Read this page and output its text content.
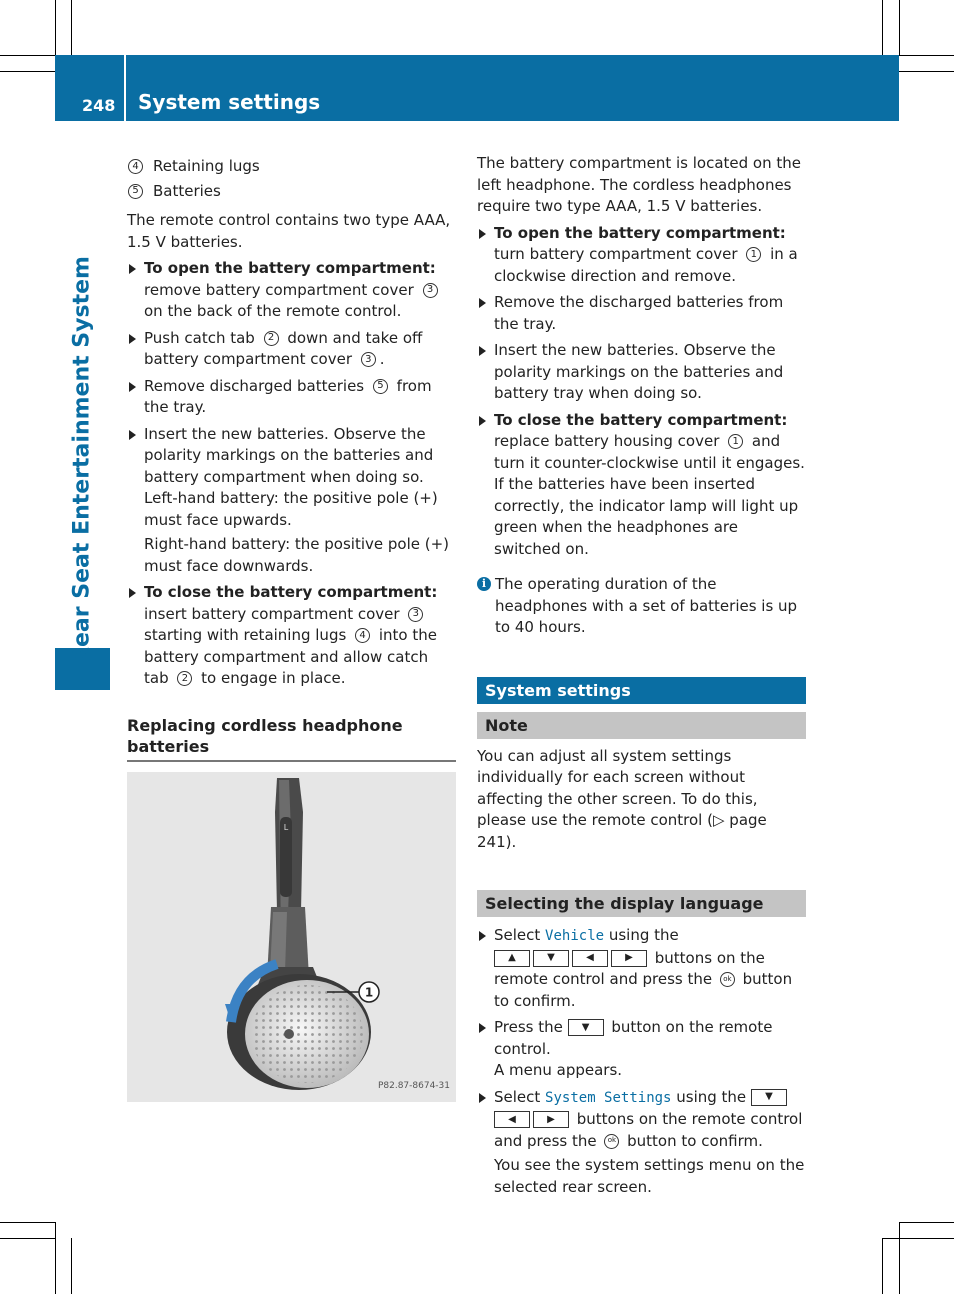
248 System settings
Rear Seat Entertainment System
4 Retaining lugs
5 Batteries

The remote control contains two type AAA, 1.5 V batteries.

To open the battery compartment: remove battery compartment cover 3 on the back of the remote control.
Push catch tab 2 down and take off battery compartment cover 3 .
Remove discharged batteries 5 from the tray.
Insert the new batteries. Observe the polarity markings on the batteries and battery compartment when doing so.
Left-hand battery: the positive pole (+) must face upwards.
Right-hand battery: the positive pole (+) must face downwards.
To close the battery compartment: insert battery compartment cover 3 starting with retaining lugs 4 into the battery compartment and allow catch tab 2 to engage in place.
Replacing cordless headphone batteries
L
1
P82.87-8674-31

The battery compartment is located on the left headphone. The cordless headphones require two type AAA, 1.5 V batteries.

To open the battery compartment: turn battery compartment cover 1 in a clockwise direction and remove.
Remove the discharged batteries from the tray.
Insert the new batteries. Observe the polarity markings on the batteries and battery tray when doing so.
To close the battery compartment: replace battery housing cover 1 and turn it counter-clockwise until it engages.
If the batteries have been inserted correctly, the indicator lamp will light up green when the headphones are switched on.
i The operating duration of the headphones with a set of batteries is up to 40 hours.
System settings
Note

You can adjust all system settings individually for each screen without affecting the other screen. To do this, please use the remote control (▷ page 241).

Selecting the display language
Select Vehicle using the
▲	▼	◀	▶ buttons on the remote control and press the ok button to confirm.
Press the ▼ button on the remote control.
A menu appears.
Select System Settings using the ▼
◀	▶ buttons on the remote control and press the ok button to confirm.
You see the system settings menu on the selected rear screen.
